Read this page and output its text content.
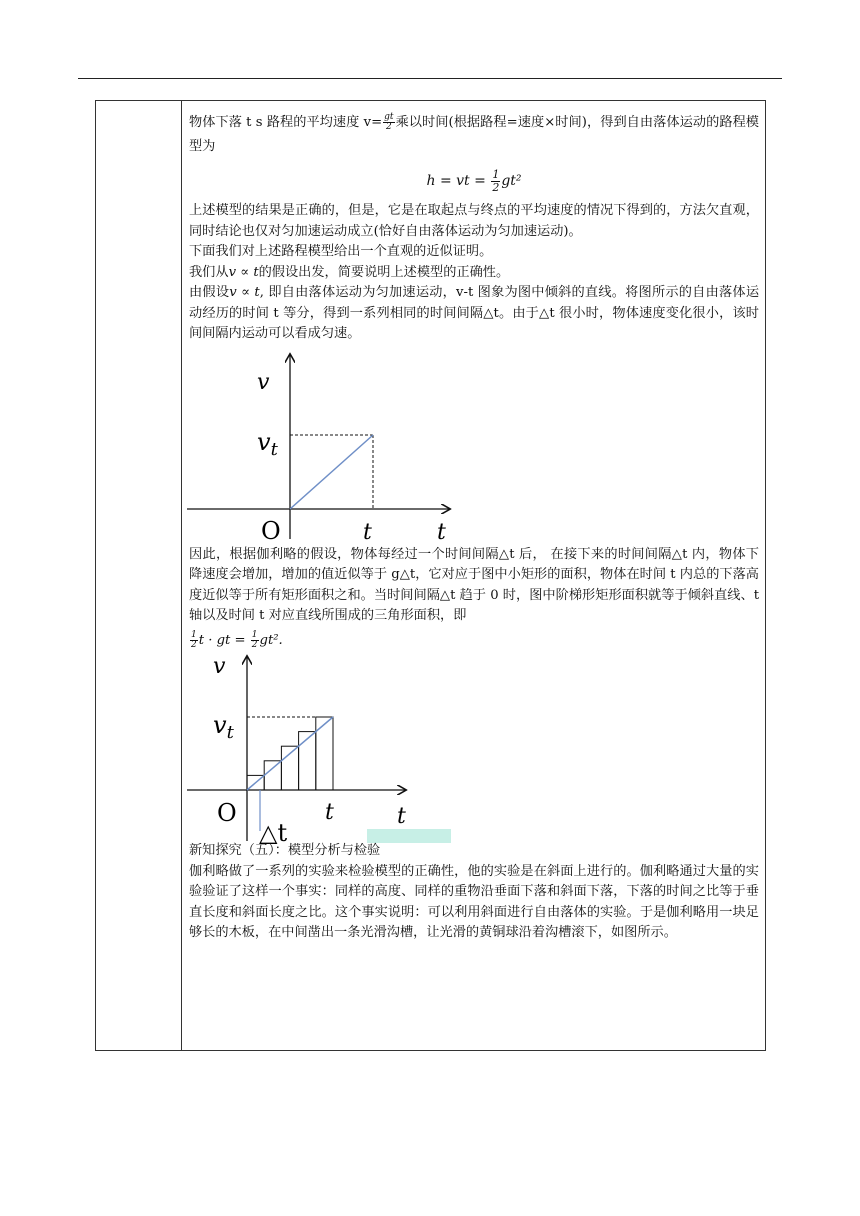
物体下落 t s 路程的平均速度 $v= \frac{gt}{2}$ 乘以时间(根据路程=速度×时间)，得到自由落体运动的路程模型为

h = vt = $\frac{1}{2} gt^2$

上述模型的结果是正确的，但是，它是在取起点与终点的平均速度的情况下得到的，方法欠直观，同时结论也仅对匀加速运动成立(恰好自由落体运动为匀加速运动)。

下面我们对上述路程模型给出一个直观的近似证明。

我们从v ∝ t的假设出发，简要说明上述模型的正确性。

由假设v ∝ t, 即自由落体运动为匀加速运动，v-t 图象为图中倾斜的直线。将图所示的自由落体运动经历的时间 t 等分，得到一系列相同的时间间隔△t。由于△t 很小时，物体速度变化很小，该时间间隔内运动可以看成匀速。

v
$v_t$
O	t	t

因此，根据伽利略的假设，物体每经过一个时间间隔△t 后， 在接下来的时间间隔△t 内，物体下降速度会增加，增加的值近似等于 g△t，它对应于图中小矩形的面积，物体在时间 t 内总的下落高度近似等于所有矩形面积之和。当时间间隔△t 趋于 0 时，图中阶梯形矩形面积就等于倾斜直线、t 轴以及时间 t 对应直线所围成的三角形面积，即

$\frac{1}{2}$ t · gt = $\frac{1}{2} gt^2$.

v
$v_t$
O	t	t
△t

新知探究（五）：模型分析与检验

伽利略做了一系列的实验来检验模型的正确性，他的实验是在斜面上进行的。伽利略通过大量的实验验证了这样一个事实：同样的高度、同样的重物沿垂面下落和斜面下落，下落的时间之比等于垂直长度和斜面长度之比。这个事实说明：可以利用斜面进行自由落体的实验。于是伽利略用一块足够长的木板，在中间凿出一条光滑沟槽，让光滑的黄铜球沿着沟槽滚下，如图所示。
